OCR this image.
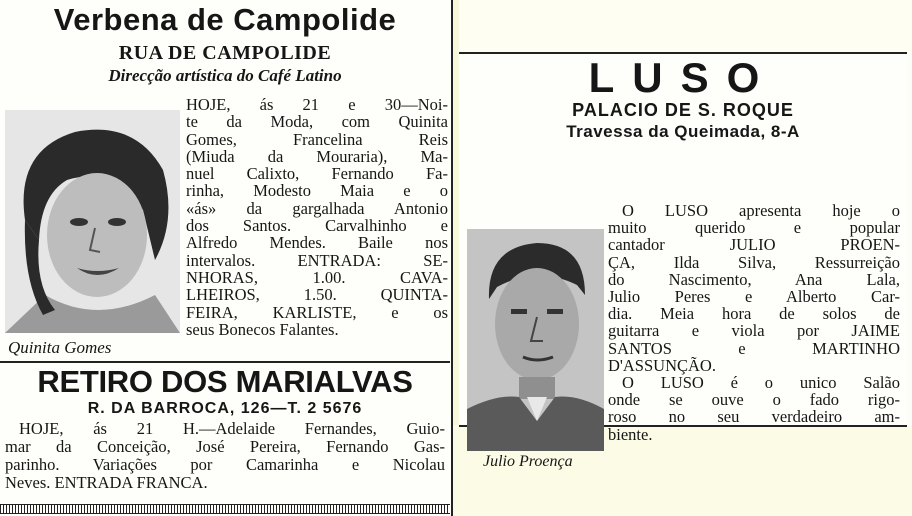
Verbena de Campolide
RUA DE CAMPOLIDE
Direcção artística do Café Latino
Quinita Gomes
HOJE, ás 21 e 30—Noi-
te da Moda, com Quinita
Gomes, Francelina Reis
(Miuda da Mouraria), Ma-
nuel Calixto, Fernando Fa-
rinha, Modesto Maia e o
«ás» da gargalhada Antonio
dos Santos. Carvalhinho e
Alfredo Mendes. Baile nos
intervalos. ENTRADA: SE-
NHORAS, 1.00. CAVA-
LHEIROS, 1.50. QUINTA-
FEIRA, KARLISTE, e os
seus Bonecos Falantes.
RETIRO DOS MARIALVAS
R. DA BARROCA, 126—T. 2 5676
HOJE, ás 21 H.—Adelaide Fernandes, Guio-
mar da Conceição, José Pereira, Fernando Gas-
parinho. Variações por Camarinha e Nicolau
Neves. ENTRADA FRANCA.
LUSO
PALACIO DE S. ROQUE
Travessa da Queimada, 8-A
Julio Proença
O LUSO apresenta hoje o
muito querido e popular
cantador JULIO PROEN-
ÇA, Ilda Silva, Ressurreição
do Nascimento, Ana Lala,
Julio Peres e Alberto Car-
dia. Meia hora de solos de
guitarra e viola por JAIME
SANTOS e MARTINHO
D'ASSUNÇÃO.
O LUSO é o unico Salão
onde se ouve o fado rigo-
roso no seu verdadeiro am-
biente.
